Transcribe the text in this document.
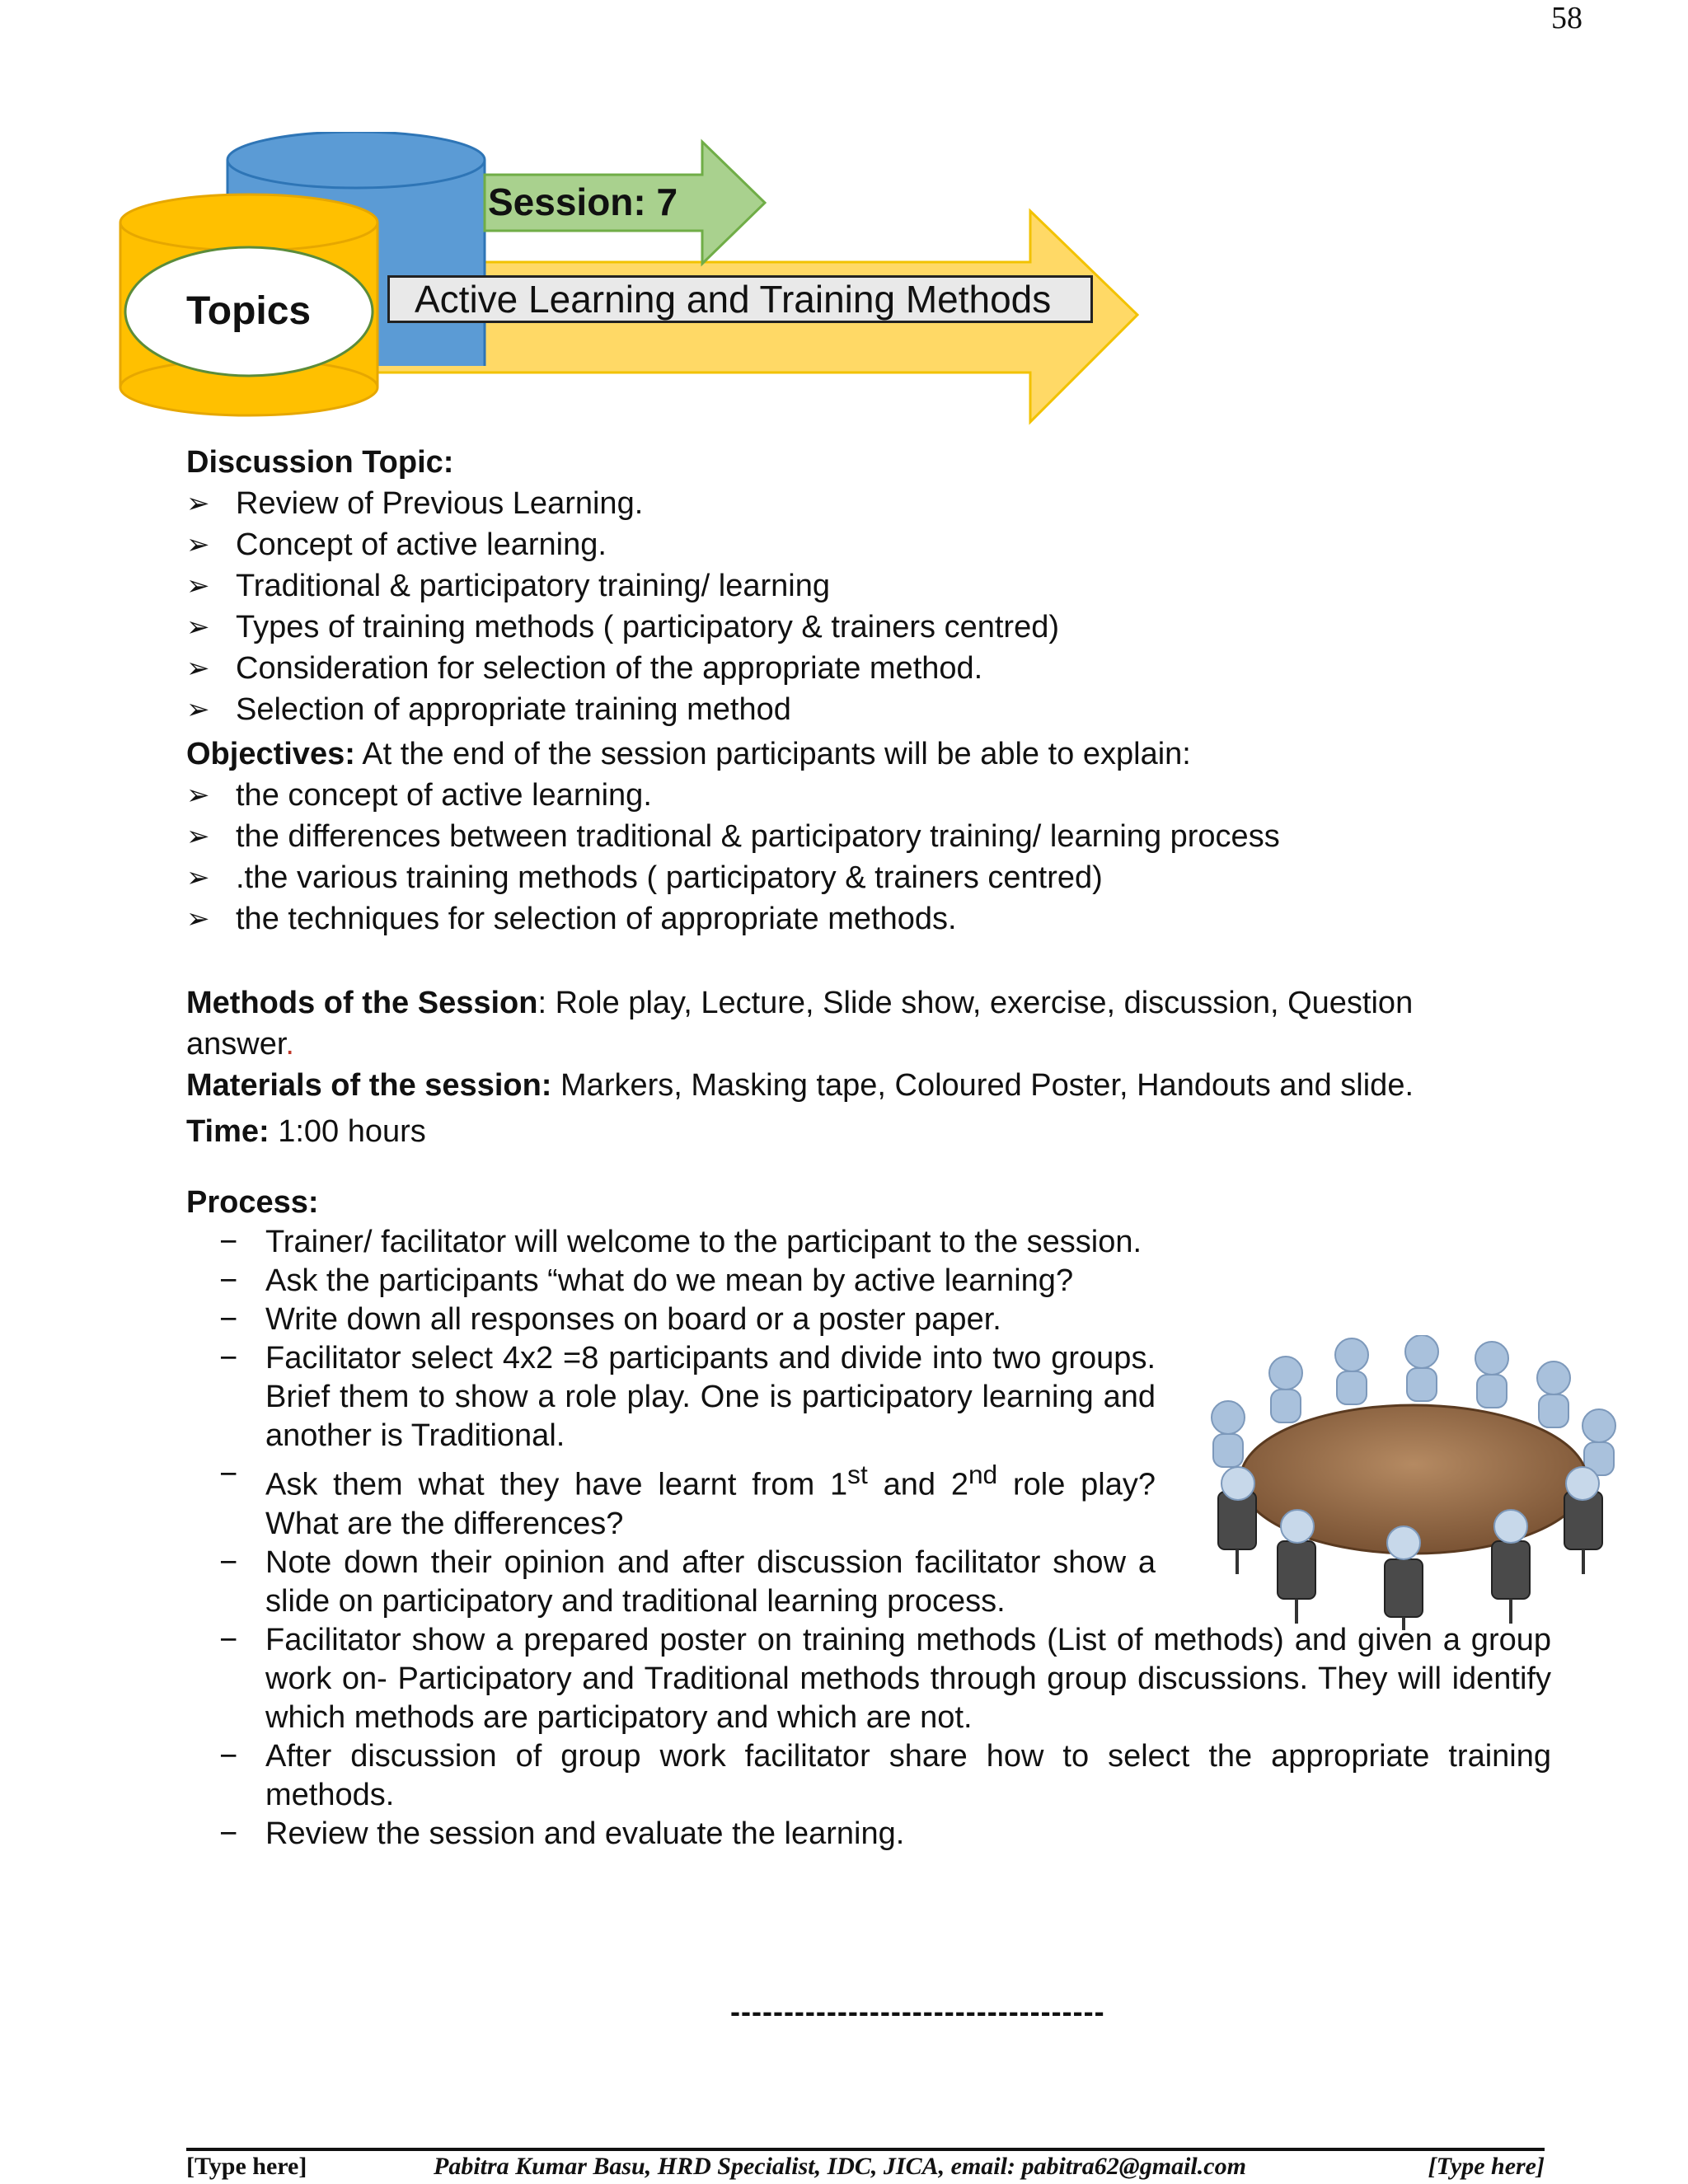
58
Session: 7
Topics	Active Learning and Training Methods
Discussion Topic:
➢ Review of Previous Learning.
➢ Concept of active learning.
➢ Traditional & participatory training/ learning
➢ Types of training methods ( participatory & trainers centred)
➢ Consideration for selection of the appropriate method.
➢ Selection of appropriate training method
Objectives: At the end of the session participants will be able to explain:
➢ the concept of active learning.
➢ the differences between traditional & participatory training/ learning process
➢ .the various training methods ( participatory & trainers centred)
➢ the techniques for selection of appropriate methods.
Methods of the Session: Role play, Lecture, Slide show, exercise, discussion, Question answer.
Materials of the session: Markers, Masking tape, Coloured Poster, Handouts and slide.
Time: 1:00 hours
Process:
− Trainer/ facilitator will welcome to the participant to the session.
− Ask the participants “what do we mean by active learning?
− Write down all responses on board or a poster paper.
− Facilitator select 4x2 =8 participants and divide into two groups. Brief them to show a role play. One is participatory learning and another is Traditional.
− Ask them what they have learnt from 1st and 2nd role play? What are the differences?
− Note down their opinion and after discussion facilitator show a slide on participatory and traditional learning process.
− Facilitator show a prepared poster on training methods (List of methods) and given a group work on- Participatory and Traditional methods through group discussions. They will identify which methods are participatory and which are not.
− After discussion of group work facilitator share how to select the appropriate training methods.
− Review the session and evaluate the learning.
-----------------------------------
[Type here]	Pabitra Kumar Basu, HRD Specialist, IDC, JICA, email: pabitra62@gmail.com	[Type here]
